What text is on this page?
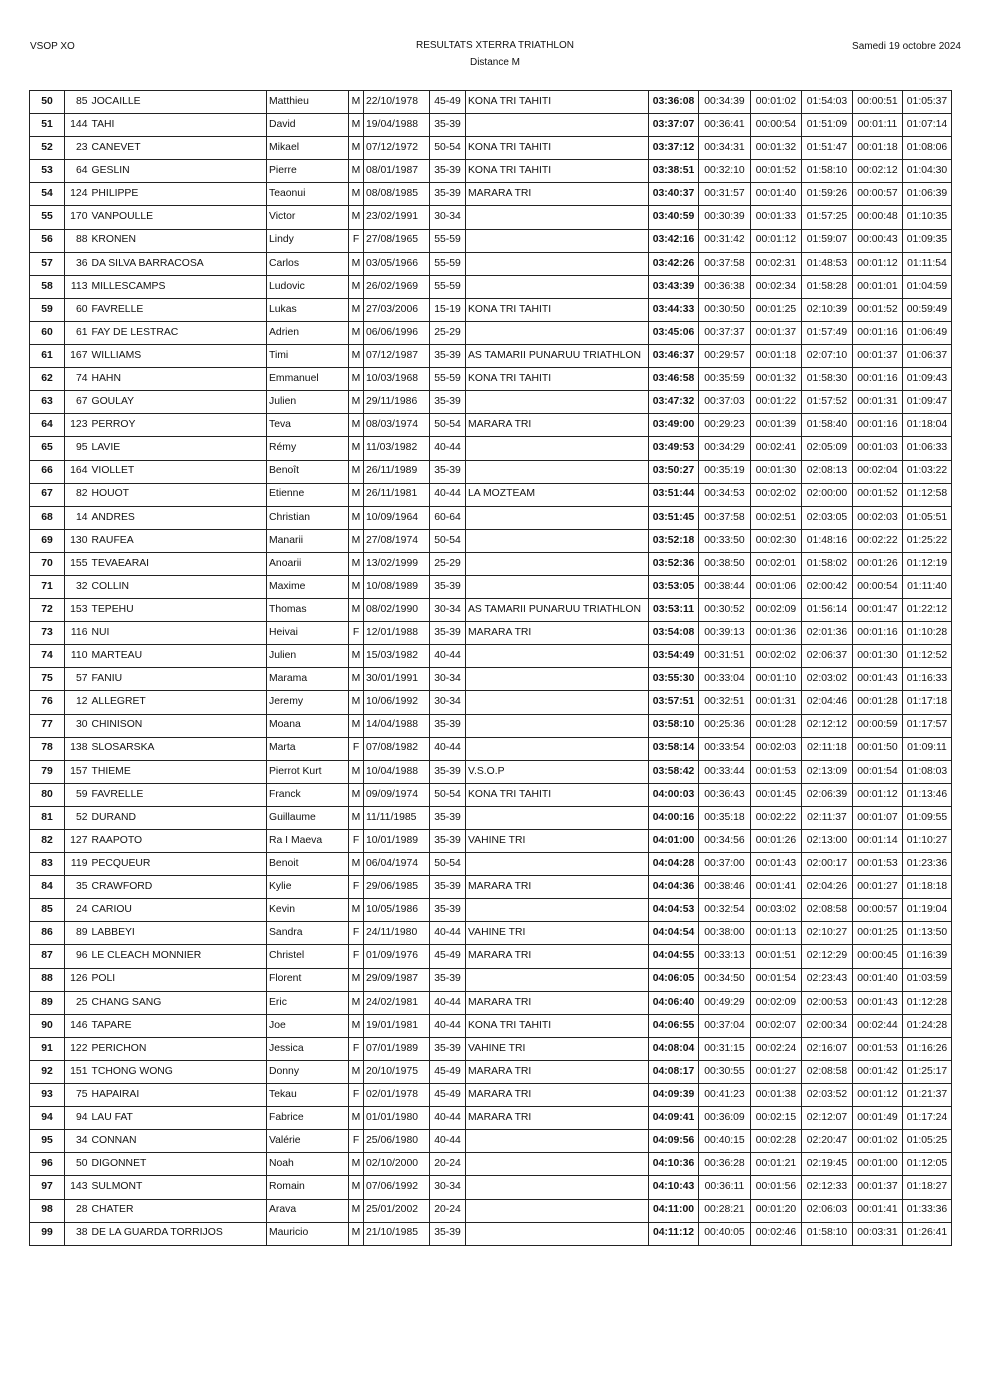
VSOP XO	RESULTATS XTERRA TRIATHLON
Distance M
Samedi 19 octobre 2024
50	85	JOCAILLE	Matthieu	M	22/10/1978	45-49	KONA TRI TAHITI	03:36:08	00:34:39	00:01:02	01:54:03	00:00:51	01:05:37
51	144	TAHI	David	M	19/04/1988	35-39		03:37:07	00:36:41	00:00:54	01:51:09	00:01:11	01:07:14
52	23	CANEVET	Mikael	M	07/12/1972	50-54	KONA TRI TAHITI	03:37:12	00:34:31	00:01:32	01:51:47	00:01:18	01:08:06
53	64	GESLIN	Pierre	M	08/01/1987	35-39	KONA TRI TAHITI	03:38:51	00:32:10	00:01:52	01:58:10	00:02:12	01:04:30
54	124	PHILIPPE	Teaonui	M	08/08/1985	35-39	MARARA TRI	03:40:37	00:31:57	00:01:40	01:59:26	00:00:57	01:06:39
55	170	VANPOULLE	Victor	M	23/02/1991	30-34		03:40:59	00:30:39	00:01:33	01:57:25	00:00:48	01:10:35
56	88	KRONEN	Lindy	F	27/08/1965	55-59		03:42:16	00:31:42	00:01:12	01:59:07	00:00:43	01:09:35
57	36	DA SILVA BARRACOSA	Carlos	M	03/05/1966	55-59		03:42:26	00:37:58	00:02:31	01:48:53	00:01:12	01:11:54
58	113	MILLESCAMPS	Ludovic	M	26/02/1969	55-59		03:43:39	00:36:38	00:02:34	01:58:28	00:01:01	01:04:59
59	60	FAVRELLE	Lukas	M	27/03/2006	15-19	KONA TRI TAHITI	03:44:33	00:30:50	00:01:25	02:10:39	00:01:52	00:59:49
60	61	FAY DE LESTRAC	Adrien	M	06/06/1996	25-29		03:45:06	00:37:37	00:01:37	01:57:49	00:01:16	01:06:49
61	167	WILLIAMS	Timi	M	07/12/1987	35-39	AS TAMARII PUNARUU TRIATHLON	03:46:37	00:29:57	00:01:18	02:07:10	00:01:37	01:06:37
62	74	HAHN	Emmanuel	M	10/03/1968	55-59	KONA TRI TAHITI	03:46:58	00:35:59	00:01:32	01:58:30	00:01:16	01:09:43
63	67	GOULAY	Julien	M	29/11/1986	35-39		03:47:32	00:37:03	00:01:22	01:57:52	00:01:31	01:09:47
64	123	PERROY	Teva	M	08/03/1974	50-54	MARARA TRI	03:49:00	00:29:23	00:01:39	01:58:40	00:01:16	01:18:04
65	95	LAVIE	Rémy	M	11/03/1982	40-44		03:49:53	00:34:29	00:02:41	02:05:09	00:01:03	01:06:33
66	164	VIOLLET	Benoît	M	26/11/1989	35-39		03:50:27	00:35:19	00:01:30	02:08:13	00:02:04	01:03:22
67	82	HOUOT	Etienne	M	26/11/1981	40-44	LA MOZTEAM	03:51:44	00:34:53	00:02:02	02:00:00	00:01:52	01:12:58
68	14	ANDRES	Christian	M	10/09/1964	60-64		03:51:45	00:37:58	00:02:51	02:03:05	00:02:03	01:05:51
69	130	RAUFEA	Manarii	M	27/08/1974	50-54		03:52:18	00:33:50	00:02:30	01:48:16	00:02:22	01:25:22
70	155	TEVAEARAI	Anoarii	M	13/02/1999	25-29		03:52:36	00:38:50	00:02:01	01:58:02	00:01:26	01:12:19
71	32	COLLIN	Maxime	M	10/08/1989	35-39		03:53:05	00:38:44	00:01:06	02:00:42	00:00:54	01:11:40
72	153	TEPEHU	Thomas	M	08/02/1990	30-34	AS TAMARII PUNARUU TRIATHLON	03:53:11	00:30:52	00:02:09	01:56:14	00:01:47	01:22:12
73	116	NUI	Heivai	F	12/01/1988	35-39	MARARA TRI	03:54:08	00:39:13	00:01:36	02:01:36	00:01:16	01:10:28
74	110	MARTEAU	Julien	M	15/03/1982	40-44		03:54:49	00:31:51	00:02:02	02:06:37	00:01:30	01:12:52
75	57	FANIU	Marama	M	30/01/1991	30-34		03:55:30	00:33:04	00:01:10	02:03:02	00:01:43	01:16:33
76	12	ALLEGRET	Jeremy	M	10/06/1992	30-34		03:57:51	00:32:51	00:01:31	02:04:46	00:01:28	01:17:18
77	30	CHINISON	Moana	M	14/04/1988	35-39		03:58:10	00:25:36	00:01:28	02:12:12	00:00:59	01:17:57
78	138	SLOSARSKA	Marta	F	07/08/1982	40-44		03:58:14	00:33:54	00:02:03	02:11:18	00:01:50	01:09:11
79	157	THIEME	Pierrot Kurt	M	10/04/1988	35-39	V.S.O.P	03:58:42	00:33:44	00:01:53	02:13:09	00:01:54	01:08:03
80	59	FAVRELLE	Franck	M	09/09/1974	50-54	KONA TRI TAHITI	04:00:03	00:36:43	00:01:45	02:06:39	00:01:12	01:13:46
81	52	DURAND	Guillaume	M	11/11/1985	35-39		04:00:16	00:35:18	00:02:22	02:11:37	00:01:07	01:09:55
82	127	RAAPOTO	Ra I Maeva	F	10/01/1989	35-39	VAHINE TRI	04:01:00	00:34:56	00:01:26	02:13:00	00:01:14	01:10:27
83	119	PECQUEUR	Benoit	M	06/04/1974	50-54		04:04:28	00:37:00	00:01:43	02:00:17	00:01:53	01:23:36
84	35	CRAWFORD	Kylie	F	29/06/1985	35-39	MARARA TRI	04:04:36	00:38:46	00:01:41	02:04:26	00:01:27	01:18:18
85	24	CARIOU	Kevin	M	10/05/1986	35-39		04:04:53	00:32:54	00:03:02	02:08:58	00:00:57	01:19:04
86	89	LABBEYI	Sandra	F	24/11/1980	40-44	VAHINE TRI	04:04:54	00:38:00	00:01:13	02:10:27	00:01:25	01:13:50
87	96	LE CLEACH MONNIER	Christel	F	01/09/1976	45-49	MARARA TRI	04:04:55	00:33:13	00:01:51	02:12:29	00:00:45	01:16:39
88	126	POLI	Florent	M	29/09/1987	35-39		04:06:05	00:34:50	00:01:54	02:23:43	00:01:40	01:03:59
89	25	CHANG SANG	Eric	M	24/02/1981	40-44	MARARA TRI	04:06:40	00:49:29	00:02:09	02:00:53	00:01:43	01:12:28
90	146	TAPARE	Joe	M	19/01/1981	40-44	KONA TRI TAHITI	04:06:55	00:37:04	00:02:07	02:00:34	00:02:44	01:24:28
91	122	PERICHON	Jessica	F	07/01/1989	35-39	VAHINE TRI	04:08:04	00:31:15	00:02:24	02:16:07	00:01:53	01:16:26
92	151	TCHONG WONG	Donny	M	20/10/1975	45-49	MARARA TRI	04:08:17	00:30:55	00:01:27	02:08:58	00:01:42	01:25:17
93	75	HAPAIRAI	Tekau	F	02/01/1978	45-49	MARARA TRI	04:09:39	00:41:23	00:01:38	02:03:52	00:01:12	01:21:37
94	94	LAU FAT	Fabrice	M	01/01/1980	40-44	MARARA TRI	04:09:41	00:36:09	00:02:15	02:12:07	00:01:49	01:17:24
95	34	CONNAN	Valérie	F	25/06/1980	40-44		04:09:56	00:40:15	00:02:28	02:20:47	00:01:02	01:05:25
96	50	DIGONNET	Noah	M	02/10/2000	20-24		04:10:36	00:36:28	00:01:21	02:19:45	00:01:00	01:12:05
97	143	SULMONT	Romain	M	07/06/1992	30-34		04:10:43	00:36:11	00:01:56	02:12:33	00:01:37	01:18:27
98	28	CHATER	Arava	M	25/01/2002	20-24		04:11:00	00:28:21	00:01:20	02:06:03	00:01:41	01:33:36
99	38	DE LA GUARDA TORRIJOS	Mauricio	M	21/10/1985	35-39		04:11:12	00:40:05	00:02:46	01:58:10	00:03:31	01:26:41
